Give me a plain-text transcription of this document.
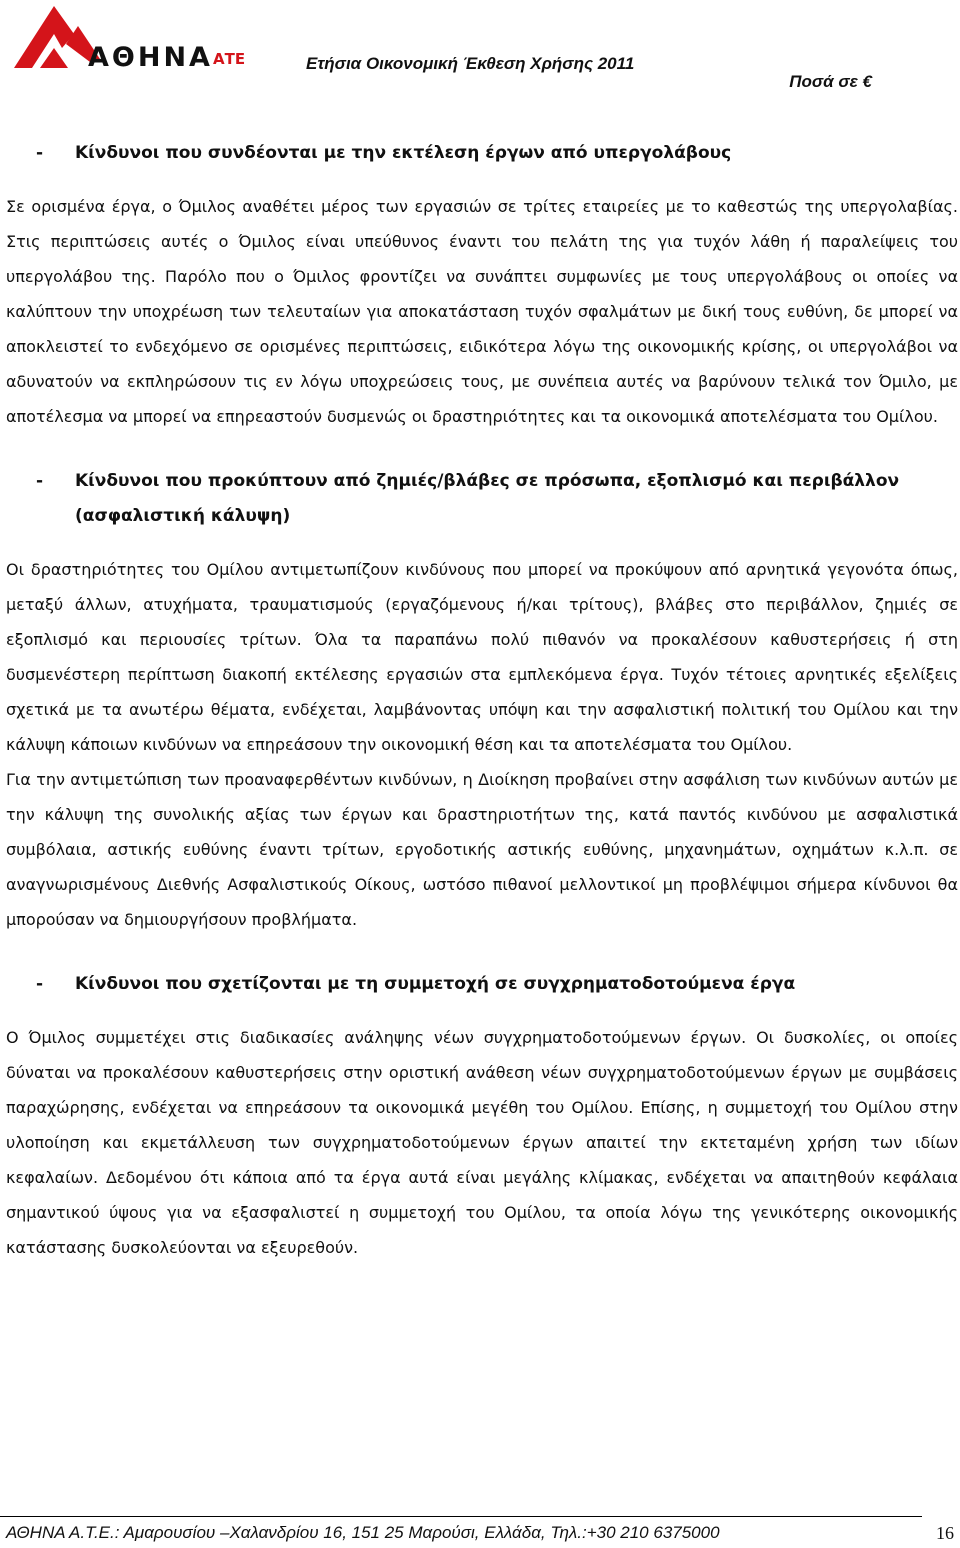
ΑΘΗΝΑ ΑΤΕ	Ετήσια Οικονομική Έκθεση Χρήσης 2011
Ποσά σε €
-	Κίνδυνοι που συνδέονται με την εκτέλεση έργων από υπεργολάβους

Σε ορισμένα έργα, ο Όμιλος αναθέτει μέρος των εργασιών σε τρίτες εταιρείες με το καθεστώς της υπεργολαβίας. Στις περιπτώσεις αυτές ο Όμιλος είναι υπεύθυνος έναντι του πελάτη της για τυχόν λάθη ή παραλείψεις του υπεργολάβου της. Παρόλο που ο Όμιλος φροντίζει να συνάπτει συμφωνίες με τους υπεργολάβους οι οποίες να καλύπτουν την υποχρέωση των τελευταίων για αποκατάσταση τυχόν σφαλμάτων με δική τους ευθύνη, δε μπορεί να αποκλειστεί το ενδεχόμενο σε ορισμένες περιπτώσεις, ειδικότερα λόγω της οικονομικής κρίσης, οι υπεργολάβοι να αδυνατούν να εκπληρώσουν τις εν λόγω υποχρεώσεις τους, με συνέπεια αυτές να βαρύνουν τελικά τον Όμιλο, με αποτέλεσμα να μπορεί να επηρεαστούν δυσμενώς οι δραστηριότητες και τα οικονομικά αποτελέσματα του Ομίλου.

-	Κίνδυνοι που προκύπτουν από ζημιές/βλάβες σε πρόσωπα, εξοπλισμό και περιβάλλον (ασφαλιστική κάλυψη)

Οι δραστηριότητες του Ομίλου αντιμετωπίζουν κινδύνους που μπορεί να προκύψουν από αρνητικά γεγονότα όπως, μεταξύ άλλων, ατυχήματα, τραυματισμούς (εργαζόμενους ή/και τρίτους), βλάβες στο περιβάλλον, ζημιές σε εξοπλισμό και περιουσίες τρίτων. Όλα τα παραπάνω πολύ πιθανόν να προκαλέσουν καθυστερήσεις ή στη δυσμενέστερη περίπτωση διακοπή εκτέλεσης εργασιών στα εμπλεκόμενα έργα. Τυχόν τέτοιες αρνητικές εξελίξεις σχετικά με τα ανωτέρω θέματα, ενδέχεται, λαμβάνοντας υπόψη και την ασφαλιστική πολιτική του Ομίλου και την κάλυψη κάποιων κινδύνων να επηρεάσουν την οικονομική θέση και τα αποτελέσματα του Ομίλου.

Για την αντιμετώπιση των προαναφερθέντων κινδύνων, η Διοίκηση προβαίνει στην ασφάλιση των κινδύνων αυτών με την κάλυψη της συνολικής αξίας των έργων και δραστηριοτήτων της, κατά παντός κινδύνου με ασφαλιστικά συμβόλαια, αστικής ευθύνης έναντι τρίτων, εργοδοτικής αστικής ευθύνης, μηχανημάτων, οχημάτων κ.λ.π. σε αναγνωρισμένους Διεθνής Ασφαλιστικούς Οίκους, ωστόσο πιθανοί μελλοντικοί μη προβλέψιμοι σήμερα κίνδυνοι θα μπορούσαν να δημιουργήσουν προβλήματα.

-	Κίνδυνοι που σχετίζονται με τη συμμετοχή σε συγχρηματοδοτούμενα έργα

Ο Όμιλος συμμετέχει στις διαδικασίες ανάληψης νέων συγχρηματοδοτούμενων έργων. Οι δυσκολίες, οι οποίες δύναται να προκαλέσουν καθυστερήσεις στην οριστική ανάθεση νέων συγχρηματοδοτούμενων έργων με συμβάσεις παραχώρησης, ενδέχεται να επηρεάσουν τα οικονομικά μεγέθη του Ομίλου. Επίσης, η συμμετοχή του Ομίλου στην υλοποίηση και εκμετάλλευση των συγχρηματοδοτούμενων έργων απαιτεί την εκτεταμένη χρήση των ιδίων κεφαλαίων. Δεδομένου ότι κάποια από τα έργα αυτά είναι μεγάλης κλίμακας, ενδέχεται να απαιτηθούν κεφάλαια σημαντικού ύψους για να εξασφαλιστεί η συμμετοχή του Ομίλου, τα οποία λόγω της γενικότερης οικονομικής κατάστασης δυσκολεύονται να εξευρεθούν.

ΑΘΗΝΑ Α.Τ.Ε.: Αμαρουσίου –Χαλανδρίου 16, 151 25 Μαρούσι, Ελλάδα, Τηλ.:+30 210 6375000	16
